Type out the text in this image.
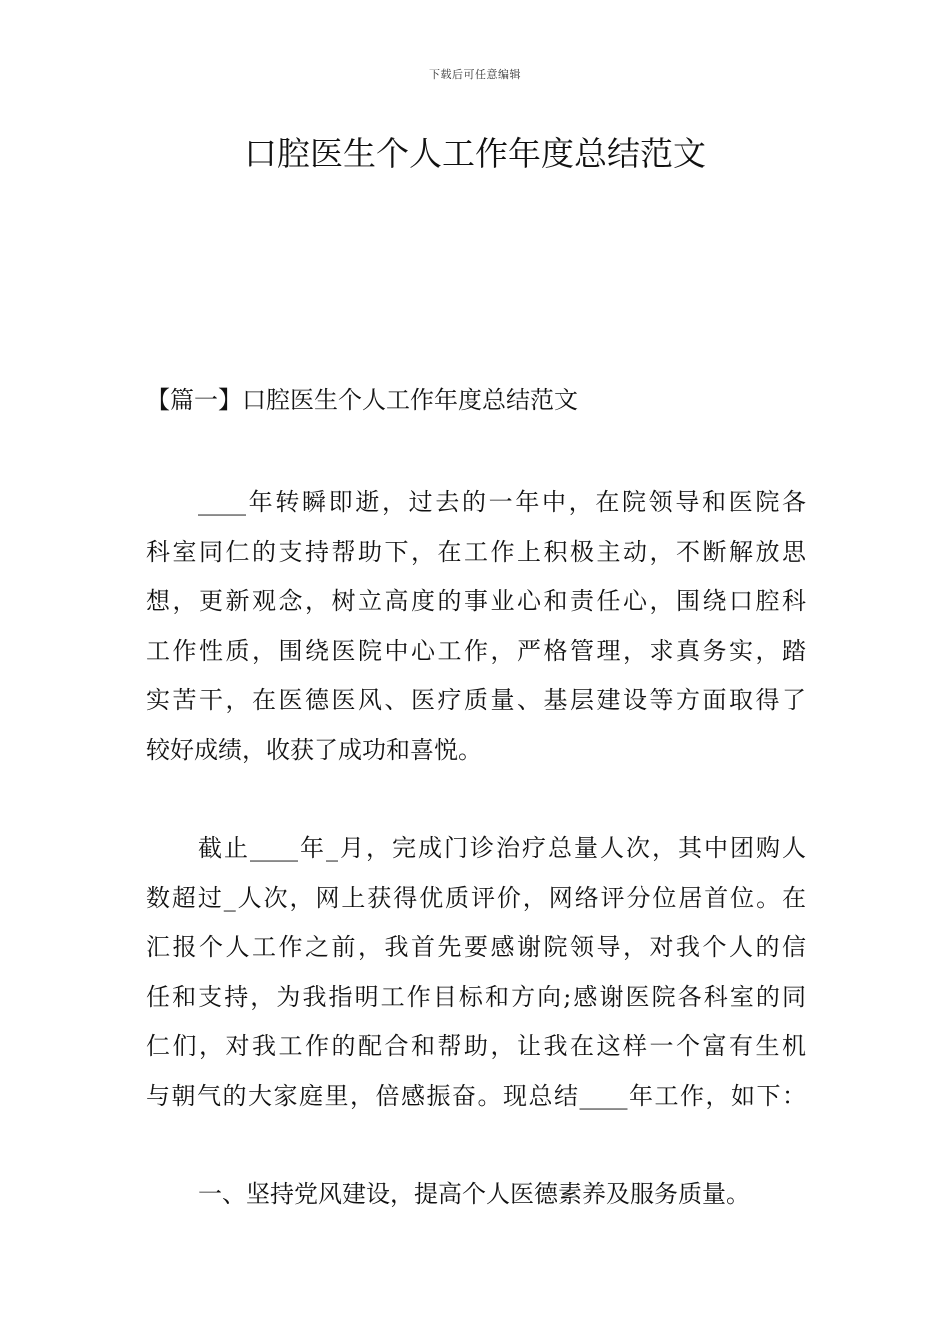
下载后可任意编辑
口腔医生个人工作年度总结范文
【篇一】口腔医生个人工作年度总结范文
____年转瞬即逝，过去的一年中，在院领导和医院各
科室同仁的支持帮助下，在工作上积极主动，不断解放思
想，更新观念，树立高度的事业心和责任心，围绕口腔科
工作性质，围绕医院中心工作，严格管理，求真务实，踏
实苦干，在医德医风、医疗质量、基层建设等方面取得了
较好成绩，收获了成功和喜悦。
截止____年_月，完成门诊治疗总量人次，其中团购人
数超过_人次，网上获得优质评价，网络评分位居首位。在
汇报个人工作之前，我首先要感谢院领导，对我个人的信
任和支持，为我指明工作目标和方向;感谢医院各科室的同
仁们，对我工作的配合和帮助，让我在这样一个富有生机
与朝气的大家庭里，倍感振奋。现总结____年工作，如下：
一、坚持党风建设，提高个人医德素养及服务质量。
